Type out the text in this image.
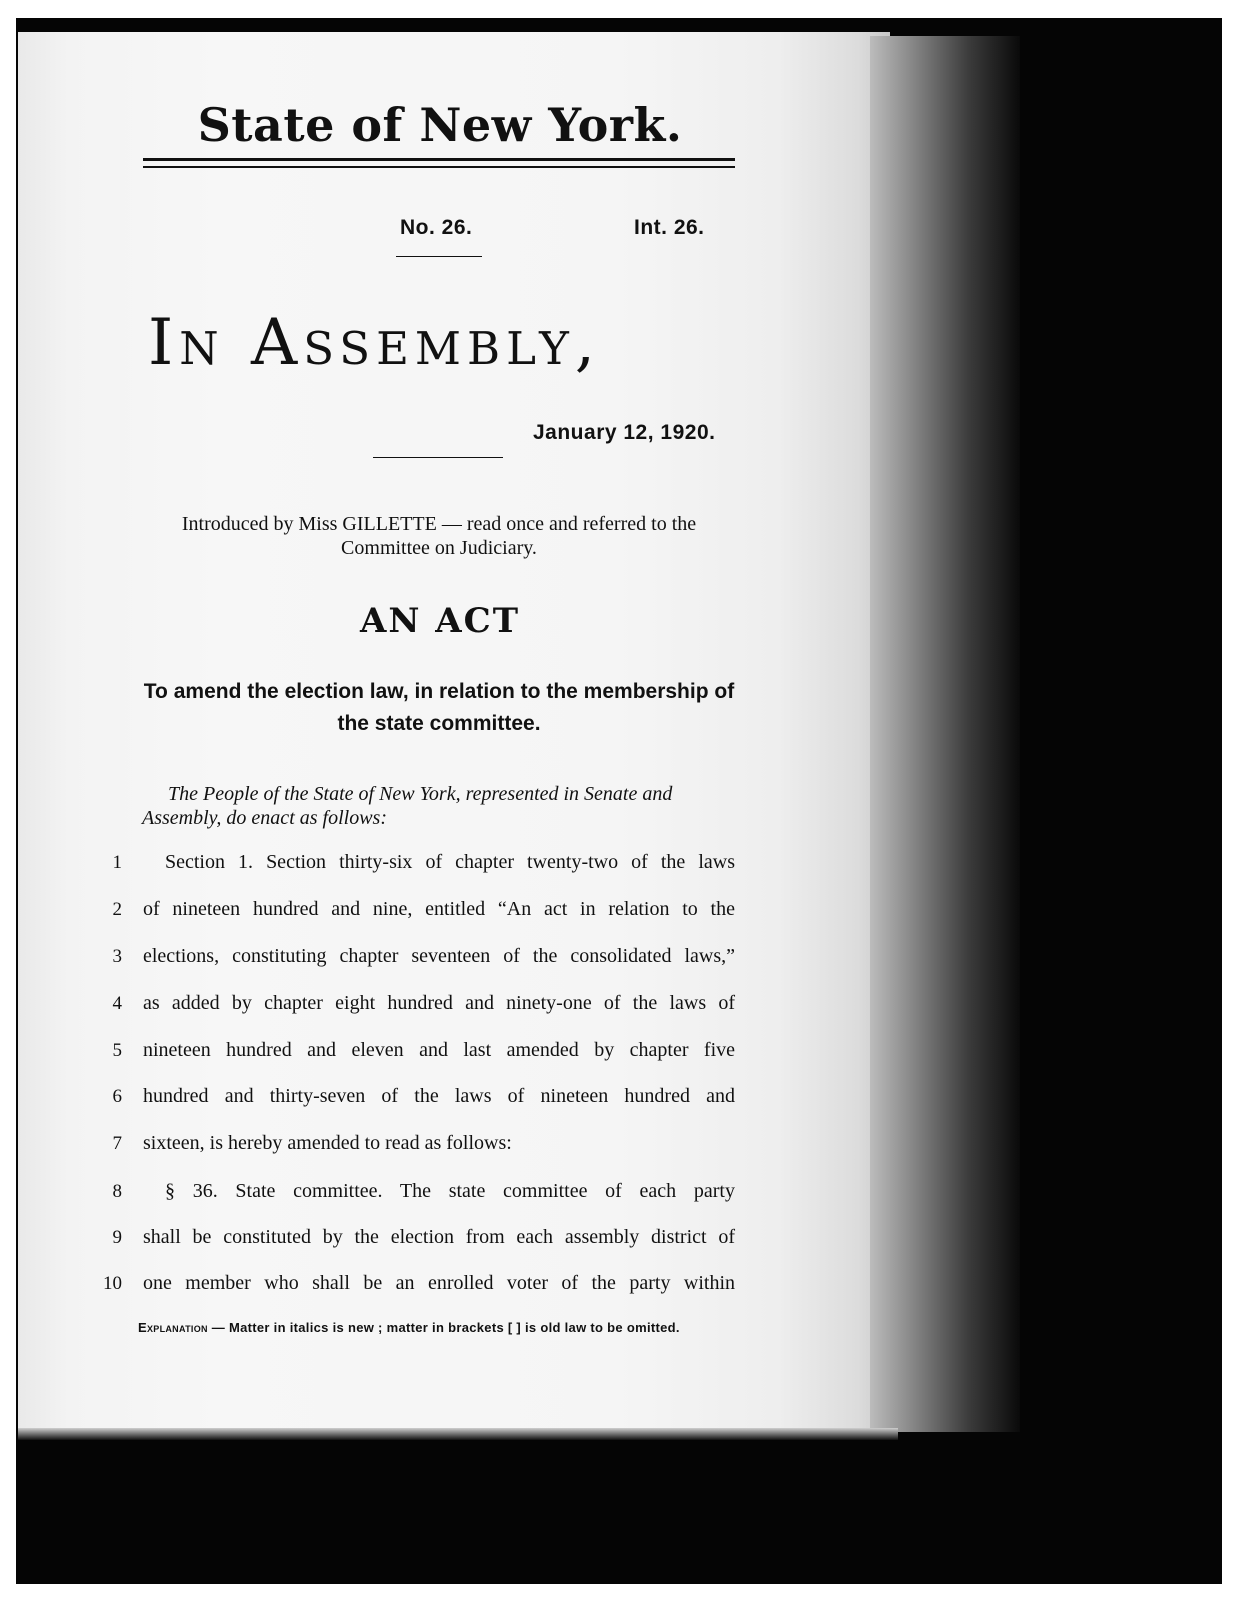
State of New York.
No. 26.	Int. 26.
In Assembly,
January 12, 1920.
Introduced by Miss GILLETTE — read once and referred to the Committee on Judiciary.
AN ACT
To amend the election law, in relation to the membership of the state committee.
The People of the State of New York, represented in Senate and Assembly, do enact as follows:
1 Section 1. Section thirty-six of chapter twenty-two of the laws
2 of nineteen hundred and nine, entitled “An act in relation to the
3 elections, constituting chapter seventeen of the consolidated laws,”
4 as added by chapter eight hundred and ninety-one of the laws of
5 nineteen hundred and eleven and last amended by chapter five
6 hundred and thirty-seven of the laws of nineteen hundred and
7 sixteen, is hereby amended to read as follows:
8 § 36. State committee. The state committee of each party
9 shall be constituted by the election from each assembly district of
10 one member who shall be an enrolled voter of the party within
Explanation — Matter in italics is new ; matter in brackets [ ] is old law to be omitted.
